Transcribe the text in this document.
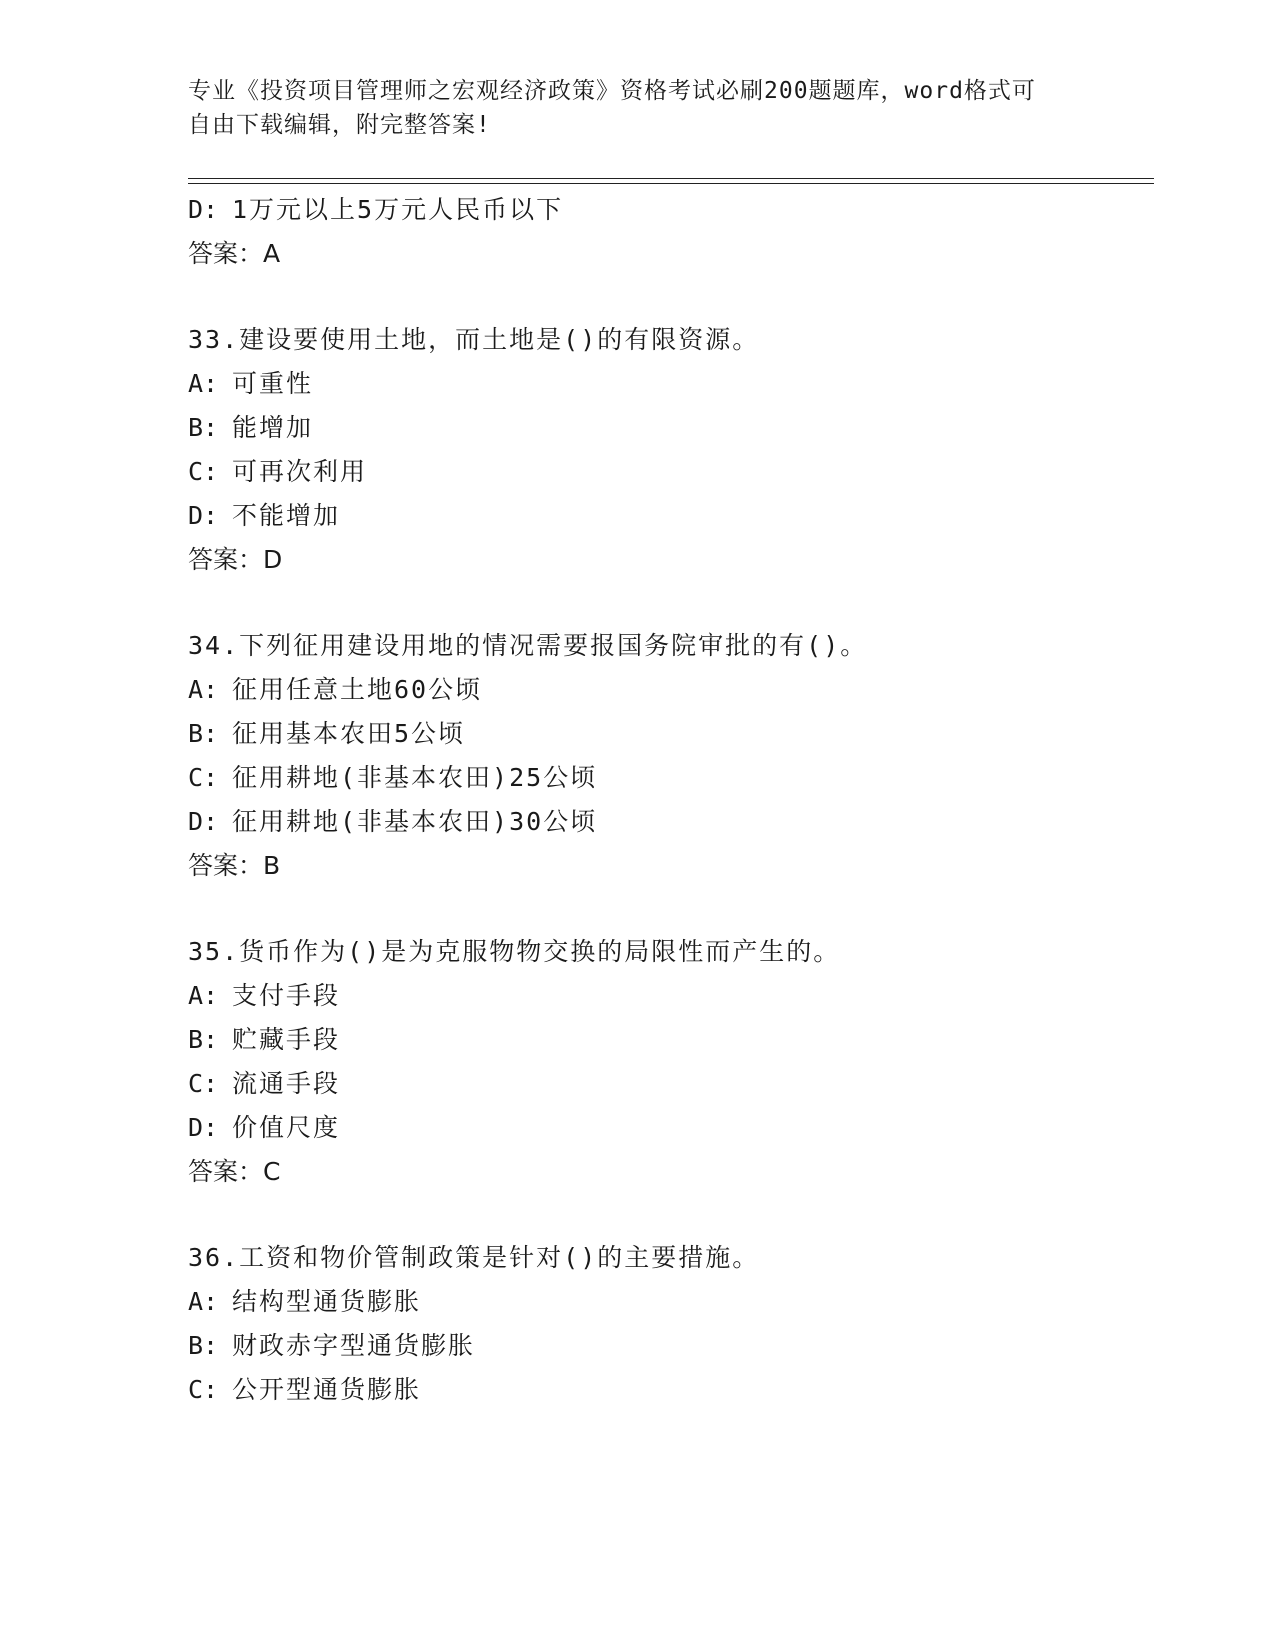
专业《投资项目管理师之宏观经济政策》资格考试必刷200题题库，word格式可
自由下载编辑，附完整答案!
D: 1万元以上5万元人民币以下
答案：A
33.建设要使用土地，而土地是()的有限资源。
A: 可重性
B: 能增加
C: 可再次利用
D: 不能增加
答案：D
34.下列征用建设用地的情况需要报国务院审批的有()。
A: 征用任意土地60公顷
B: 征用基本农田5公顷
C: 征用耕地(非基本农田)25公顷
D: 征用耕地(非基本农田)30公顷
答案：B
35.货币作为()是为克服物物交换的局限性而产生的。
A: 支付手段
B: 贮藏手段
C: 流通手段
D: 价值尺度
答案：C
36.工资和物价管制政策是针对()的主要措施。
A: 结构型通货膨胀
B: 财政赤字型通货膨胀
C: 公开型通货膨胀
